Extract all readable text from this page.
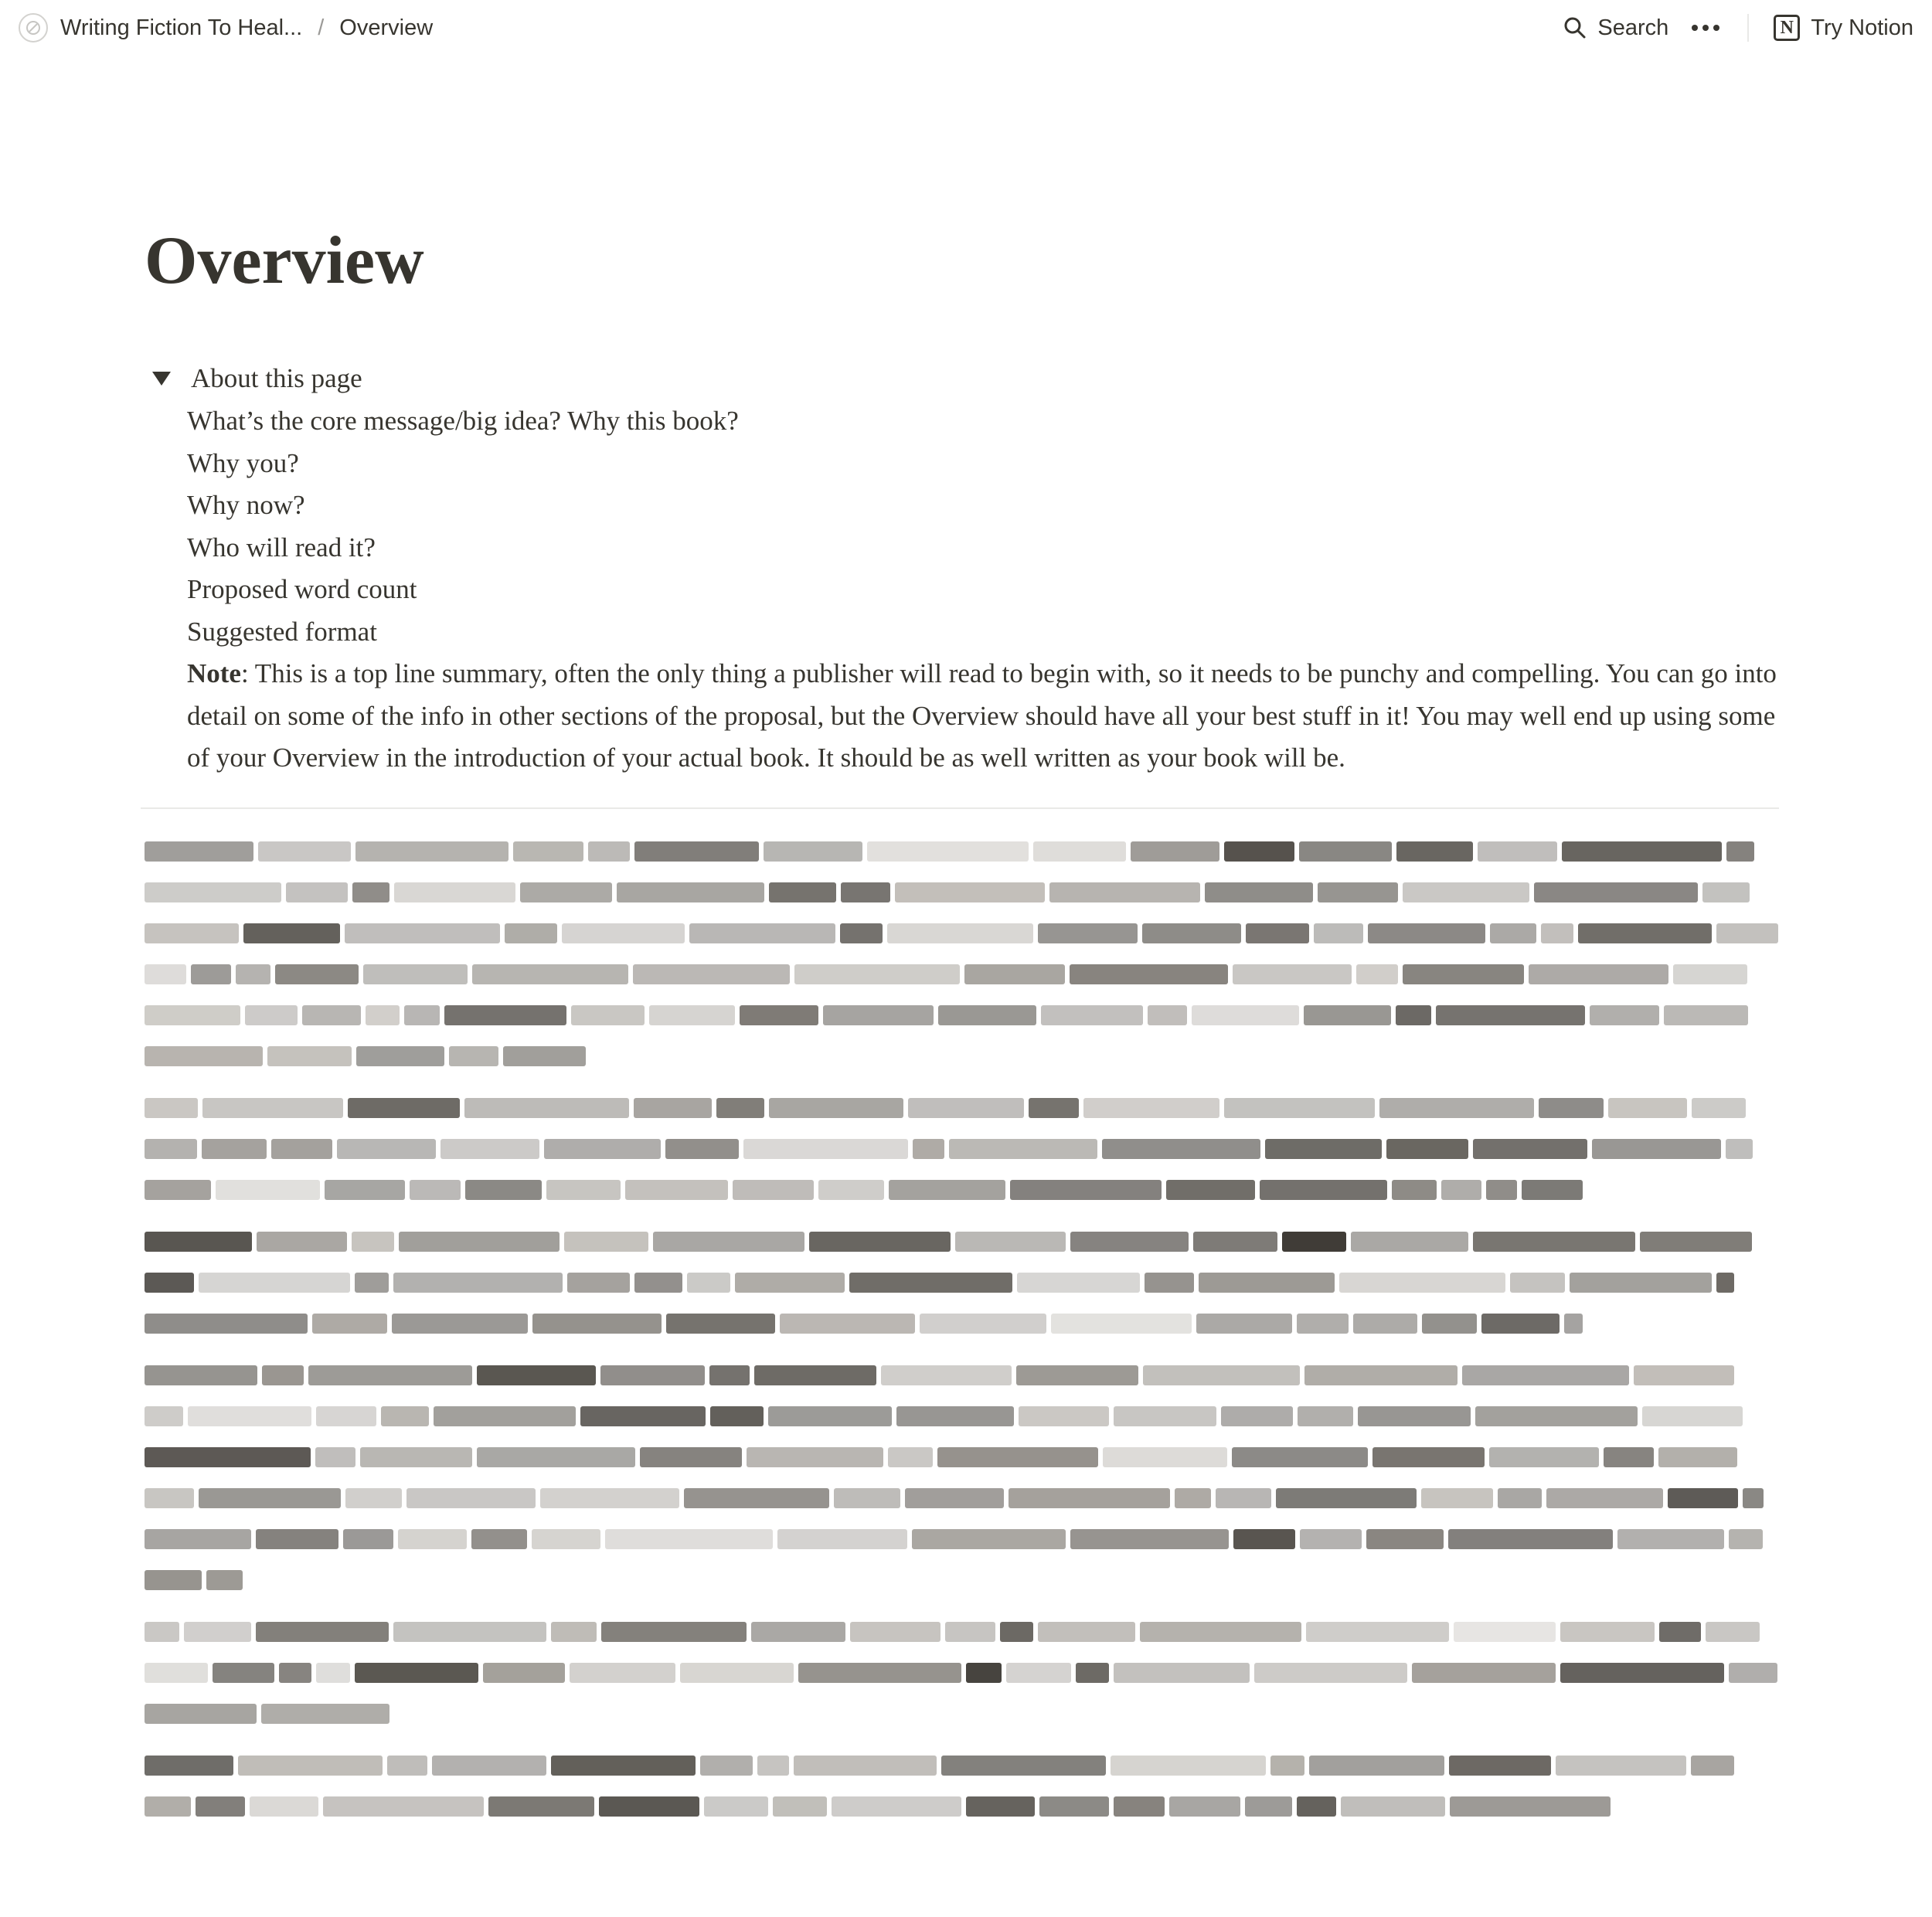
Writing Fiction To Heal... / Overview	Search	N Try Notion
Overview
About this page
What’s the core message/big idea? Why this book?
Why you?
Why now?
Who will read it?
Proposed word count
Suggested format
Note: This is a top line summary, often the only thing a publisher will read to begin with, so it needs to be punchy and compelling. You can go into detail on some of the info in other sections of the proposal, but the Overview should have all your best stuff in it! You may well end up using some of your Overview in the introduction of your actual book. It should be as well written as your book will be.
